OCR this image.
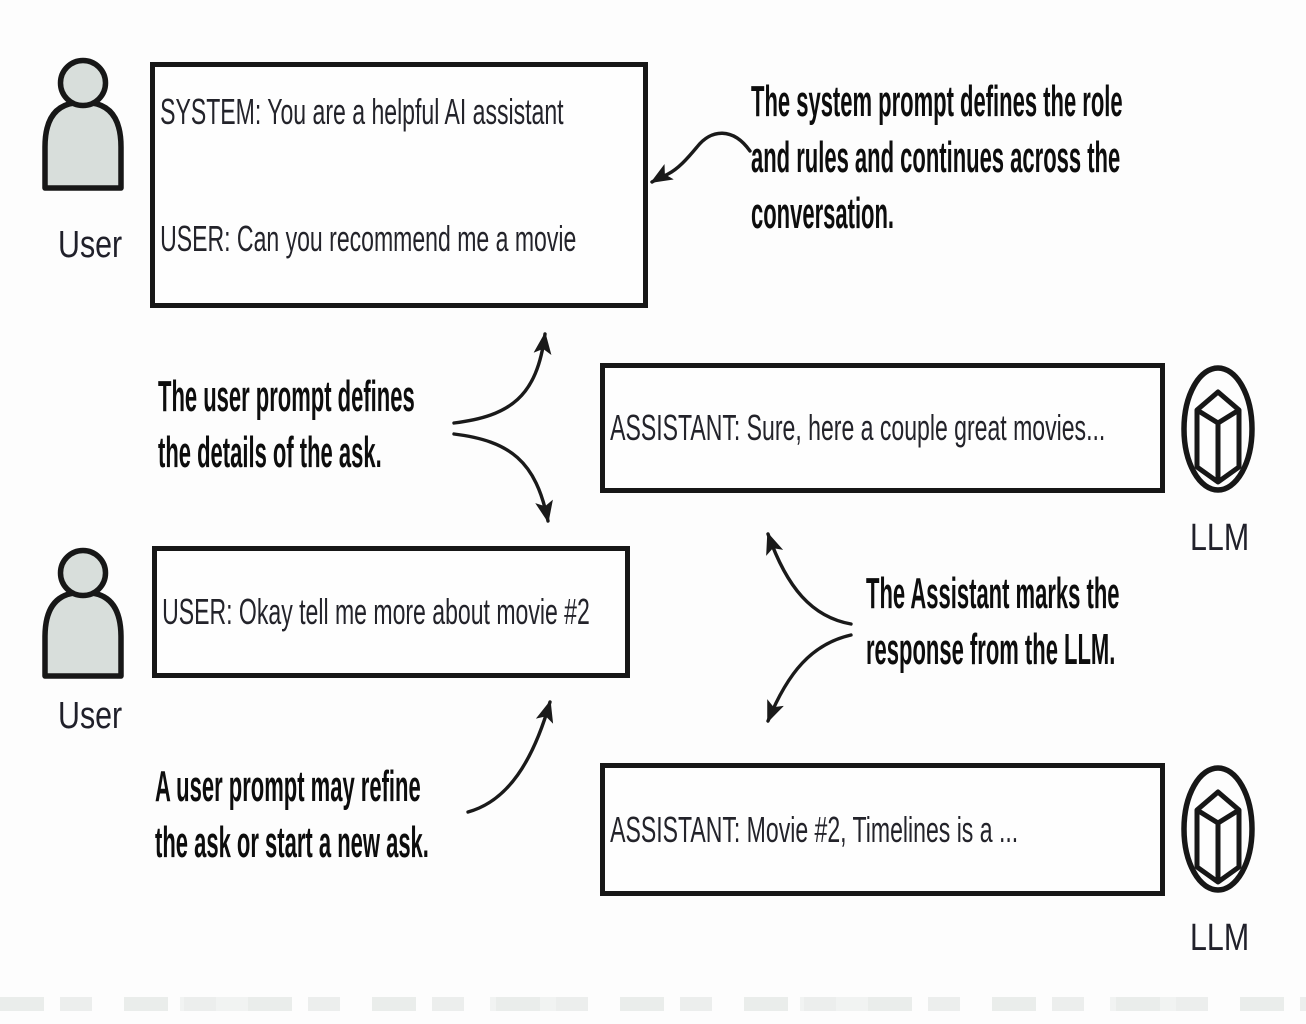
User
SYSTEM: You are a helpful AI assistant
USER: Can you recommend me a movie
The system prompt defines the role
and rules and continues across the
conversation.
The user prompt defines
the details of the ask.
ASSISTANT: Sure, here a couple great movies...
LLM
User
USER: Okay tell me more about movie #2	The Assistant marks the
response from the LLM.
A user prompt may refine
the ask or start a new ask.	ASSISTANT: Movie #2, Timelines is a ...
LLM
